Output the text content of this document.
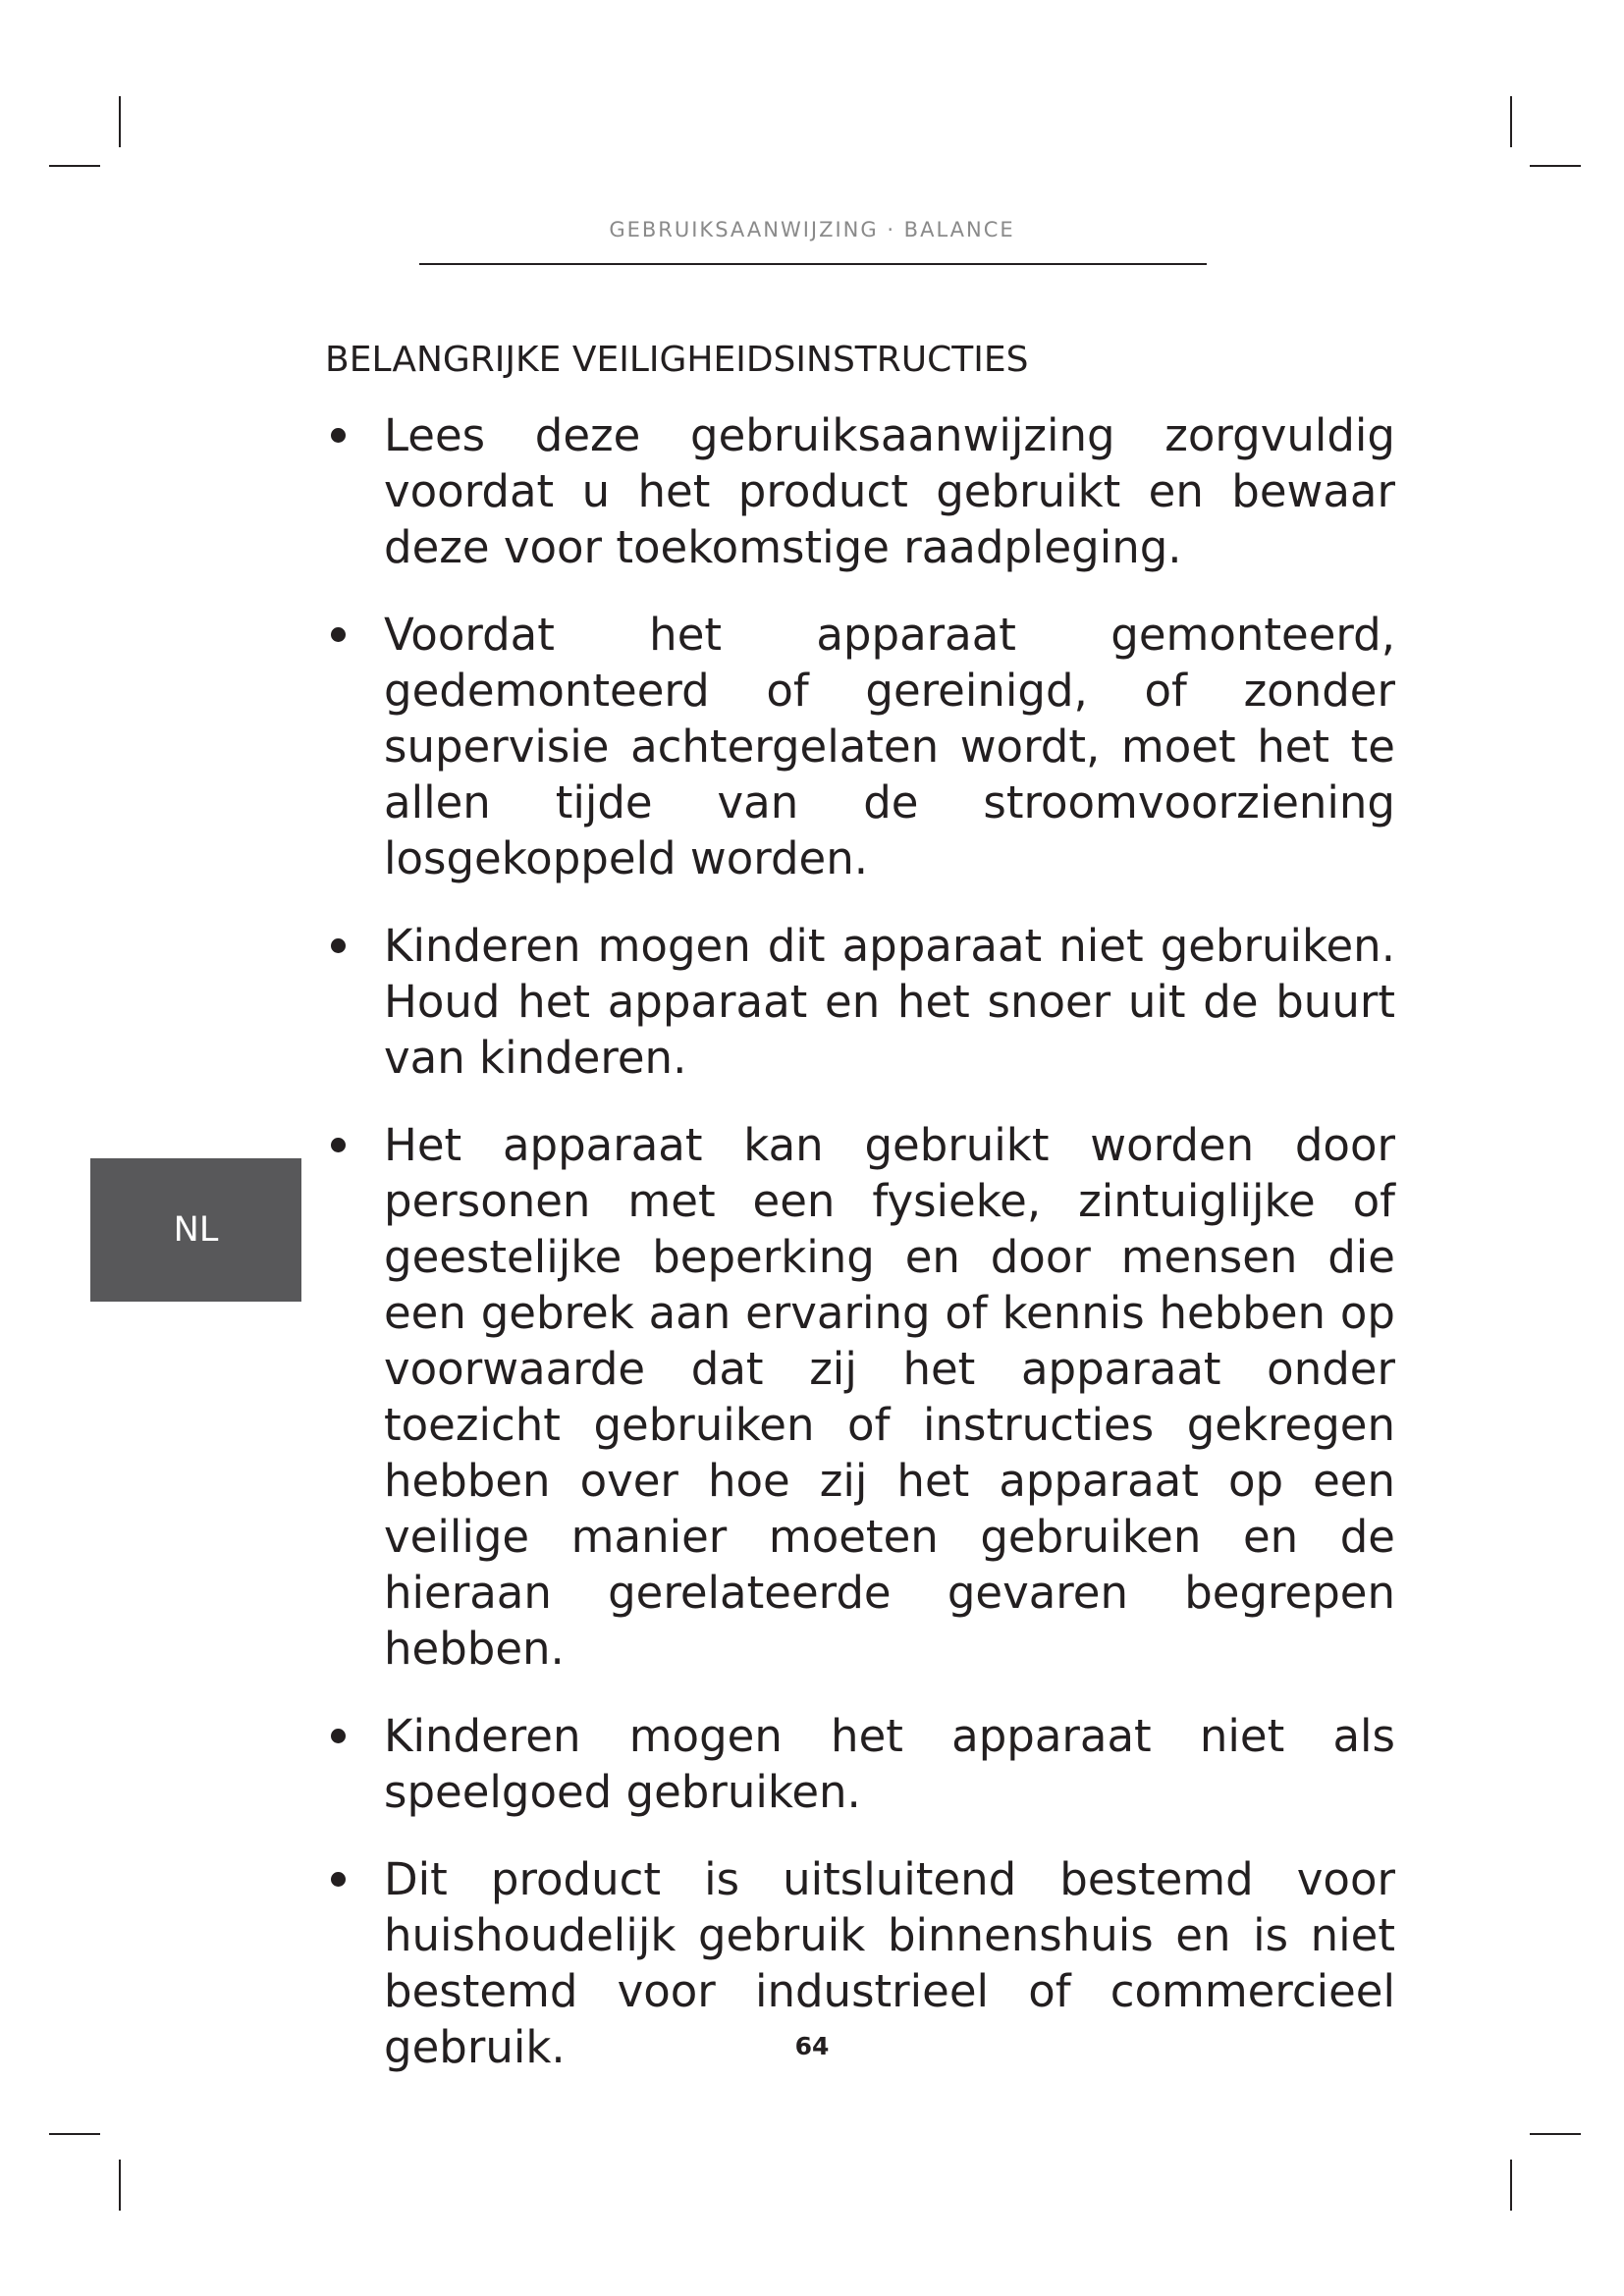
GEBRUIKSAANWIJZING · BALANCE
BELANGRIJKE VEILIGHEIDSINSTRUCTIES
NL
Lees deze gebruiksaanwijzing zorgvuldig voordat u het product gebruikt en bewaar deze voor toekomstige raadpleging.
Voordat het apparaat gemonteerd, gedemonteerd of gereinigd, of zonder supervisie achtergelaten wordt, moet het te allen tijde van de stroomvoorziening losgekoppeld worden.
Kinderen mogen dit apparaat niet gebruiken. Houd het apparaat en het snoer uit de buurt van kinderen.
Het apparaat kan gebruikt worden door personen met een fysieke, zintuiglijke of geestelijke beperking en door mensen die een gebrek aan ervaring of kennis hebben op voorwaarde dat zij het apparaat onder toezicht gebruiken of instructies gekregen hebben over hoe zij het apparaat op een veilige manier moeten gebruiken en de hieraan gerelateerde gevaren begrepen hebben.
Kinderen mogen het apparaat niet als speelgoed gebruiken.
Dit product is uitsluitend bestemd voor huishoudelijk gebruik binnenshuis en is niet bestemd voor industrieel of commercieel gebruik.	64
